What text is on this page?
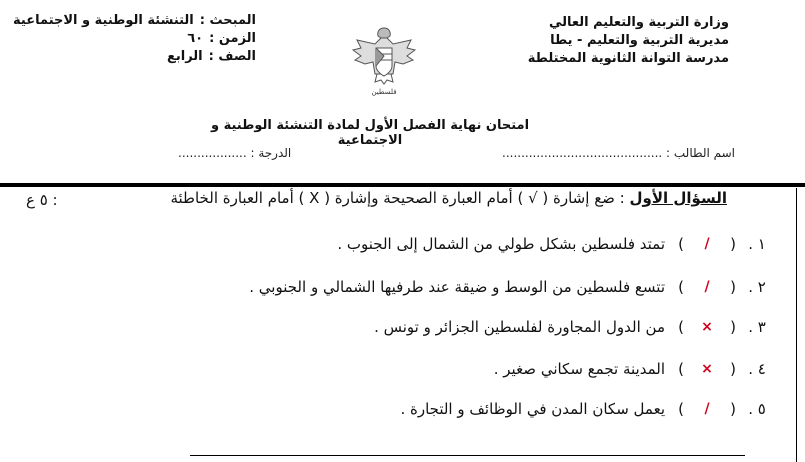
وزارة التربية والتعليم العالي
مديرية التربية والتعليم - يطا
مدرسة التوانة الثانوية المختلطة
المبحث :
التنشئة الوطنية و الاجتماعية
الزمن :
٦٠
الصف :
الرابع
فلسطين
امتحان نهاية الفصل الأول لمادة التنشئة الوطنية و الاجتماعية
اسم الطالب : ..........................................
الدرجة : ..................
السؤال الأول : ضع إشارة ( √ ) أمام العبارة الصحيحة وإشارة ( X ) أمام العبارة الخاطئة
: ٥ ع
١ .
(
/
)
تمتد فلسطين بشكل طولي من الشمال إلى الجنوب .
٢ .
(
/
)
تتسع فلسطين من الوسط و ضيقة عند طرفيها الشمالي و الجنوبي .
٣ .
(
×
)
من الدول المجاورة لفلسطين الجزائر و تونس .
٤ .
(
×
)
المدينة تجمع سكاني صغير .
٥ .
(
/
)
يعمل سكان المدن في الوظائف و التجارة .
